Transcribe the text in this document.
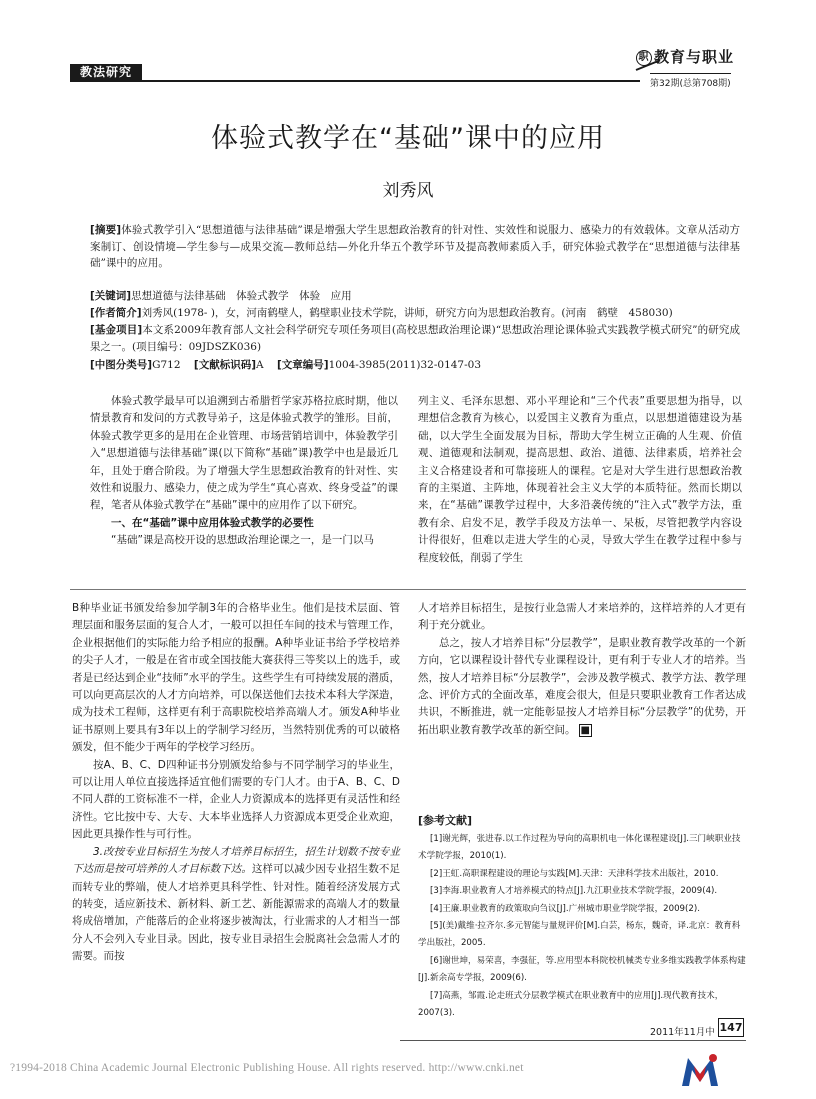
教法研究
职 教育与职业
第32期(总第708期)
体验式教学在“基础”课中的应用
刘秀风
[摘要]体验式教学引入“思想道德与法律基础”课是增强大学生思想政治教育的针对性、实效性和说服力、感染力的有效载体。文章从活动方案制订、创设情境—学生参与—成果交流—教师总结—外化升华五个教学环节及提高教师素质入手，研究体验式教学在“思想道德与法律基础”课中的应用。
[关键词]思想道德与法律基础　体验式教学　体验　应用
[作者简介]刘秀风(1978- )，女，河南鹤壁人，鹤壁职业技术学院，讲师，研究方向为思想政治教育。(河南　鹤壁　458030)
[基金项目]本文系2009年教育部人文社会科学研究专项任务项目(高校思想政治理论课)“思想政治理论课体验式实践教学模式研究”的研究成果之一。(项目编号：09JDSZK036)
[中图分类号]G712 [文献标识码]A [文章编号]1004-3985(2011)32-0147-03

体验式教学最早可以追溯到古希腊哲学家苏格拉底时期，他以情景教育和发问的方式教导弟子，这是体验式教学的雏形。目前，体验式教学更多的是用在企业管理、市场营销培训中，体验教学引入“思想道德与法律基础”课(以下简称“基础”课)教学中也是最近几年，且处于磨合阶段。为了增强大学生思想政治教育的针对性、实效性和说服力、感染力，使之成为学生“真心喜欢、终身受益”的课程，笔者从体验式教学在“基础”课中的应用作了以下研究。

一、在“基础”课中应用体验式教学的必要性

“基础”课是高校开设的思想政治理论课之一，是一门以马

列主义、毛泽东思想、邓小平理论和“三个代表”重要思想为指导，以理想信念教育为核心，以爱国主义教育为重点，以思想道德建设为基础，以大学生全面发展为目标，帮助大学生树立正确的人生观、价值观、道德观和法制观，提高思想、政治、道德、法律素质，培养社会主义合格建设者和可靠接班人的课程。它是对大学生进行思想政治教育的主渠道、主阵地，体现着社会主义大学的本质特征。然而长期以来，在“基础”课教学过程中，大多沿袭传统的“注入式”教学方法，重教有余、启发不足，教学手段及方法单一、呆板，尽管把教学内容设计得很好，但难以走进大学生的心灵，导致大学生在教学过程中参与程度较低，削弱了学生

B种毕业证书颁发给参加学制3年的合格毕业生。他们是技术层面、管理层面和服务层面的复合人才，一般可以担任车间的技术与管理工作，企业根据他们的实际能力给予相应的报酬。A种毕业证书给予学校培养的尖子人才，一般是在省市或全国技能大赛获得三等奖以上的选手，或者是已经达到企业“技师”水平的学生。这些学生有可持续发展的潜质，可以向更高层次的人才方向培养，可以保送他们去技术本科大学深造，成为技术工程师，这样更有利于高职院校培养高端人才。颁发A种毕业证书原则上要具有3年以上的学制学习经历，当然特别优秀的可以破格颁发，但不能少于两年的学校学习经历。

按A、B、C、D四种证书分别颁发给参与不同学制学习的毕业生，可以让用人单位直接选择适宜他们需要的专门人才。由于A、B、C、D不同人群的工资标准不一样，企业人力资源成本的选择更有灵活性和经济性。它比按中专、大专、大本毕业选择人力资源成本更受企业欢迎，因此更具操作性与可行性。

3.改按专业目标招生为按人才培养目标招生，招生计划数不按专业下达而是按可培养的人才目标数下达。这样可以减少因专业招生数不足而转专业的弊端，使人才培养更具科学性、针对性。随着经济发展方式的转变，适应新技术、新材料、新工艺、新能源需求的高端人才的数量将成倍增加，产能落后的企业将逐步被淘汰，行业需求的人才相当一部分人不会列入专业目录。因此，按专业目录招生会脱离社会急需人才的需要。而按

人才培养目标招生，是按行业急需人才来培养的，这样培养的人才更有利于充分就业。

总之，按人才培养目标“分层教学”，是职业教育教学改革的一个新方向，它以课程设计替代专业课程设计，更有利于专业人才的培养。当然，按人才培养目标“分层教学”，会涉及教学模式、教学方法、教学理念、评价方式的全面改革，难度会很大，但是只要职业教育工作者达成共识，不断推进，就一定能彰显按人才培养目标“分层教学”的优势，开拓出职业教育教学改革的新空间。 ■

[参考文献]
[1]谢光辉，张进春.以工作过程为导向的高职机电一体化课程建设[J].三门峡职业技术学院学报，2010(1).
[2]王虹.高职课程建设的理论与实践[M].天津：天津科学技术出版社，2010.
[3]李海.职业教育人才培养模式的特点[J].九江职业技术学院学报，2009(4).
[4]王廉.职业教育的政策取向刍议[J].广州城市职业学院学报，2009(2).
[5](美)戴维·拉齐尔.多元智能与量规评价[M].白芸，杨东，魏奇，译.北京：教育科学出版社，2005.
[6]谢世坤，易荣喜，李强征，等.应用型本科院校机械类专业多维实践教学体系构建[J].新余高专学报，2009(6).
[7]高燕，邹霞.论走班式分层教学模式在职业教育中的应用[J].现代教育技术，2007(3).
2011年11月中 147
?1994-2018 China Academic Journal Electronic Publishing House. All rights reserved. http://www.cnki.net
